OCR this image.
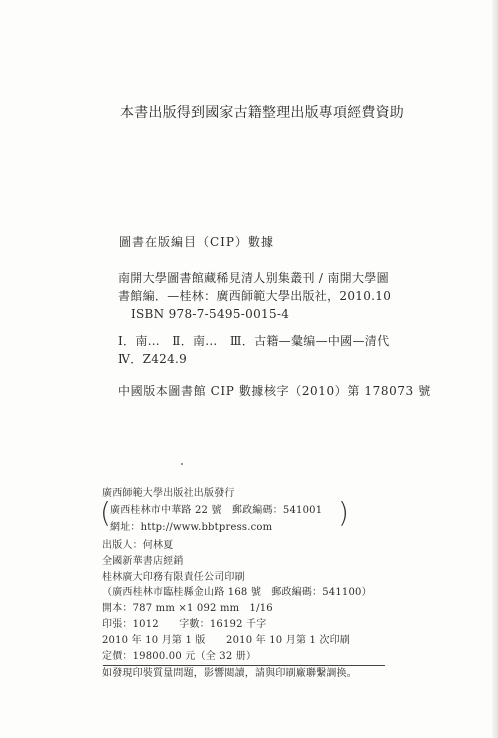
本書出版得到國家古籍整理出版專項經費資助
圖書在版編目（CIP）數據
南開大學圖書館藏稀見清人别集叢刊 / 南開大學圖
書館編．—桂林：廣西師範大學出版社，2010.10
ISBN 978-7-5495-0015-4
Ⅰ．南…　Ⅱ．南…　Ⅲ．古籍—彙编—中國—清代
Ⅳ．Z424.9
中國版本圖書館 CIP 數據核字（2010）第 178073 號
廣西師範大學出版社出版發行
( 廣西桂林市中華路 22 號　郵政編碼：541001
網址：http://www.bbtpress.com )
出版人：何林夏
全國新華書店經銷
桂林廣大印務有限責任公司印刷
（廣西桂林市臨桂縣金山路 168 號　郵政編碼：541100）
開本：787 mm ×1 092 mm　1/16
印張：1012　　字數：16192 千字
2010 年 10 月第 1 版　　2010 年 10 月第 1 次印刷
定價：19800.00 元（全 32 册）
如發現印裝質量問題，影響閲讀，請與印刷廠聯繫調换。
